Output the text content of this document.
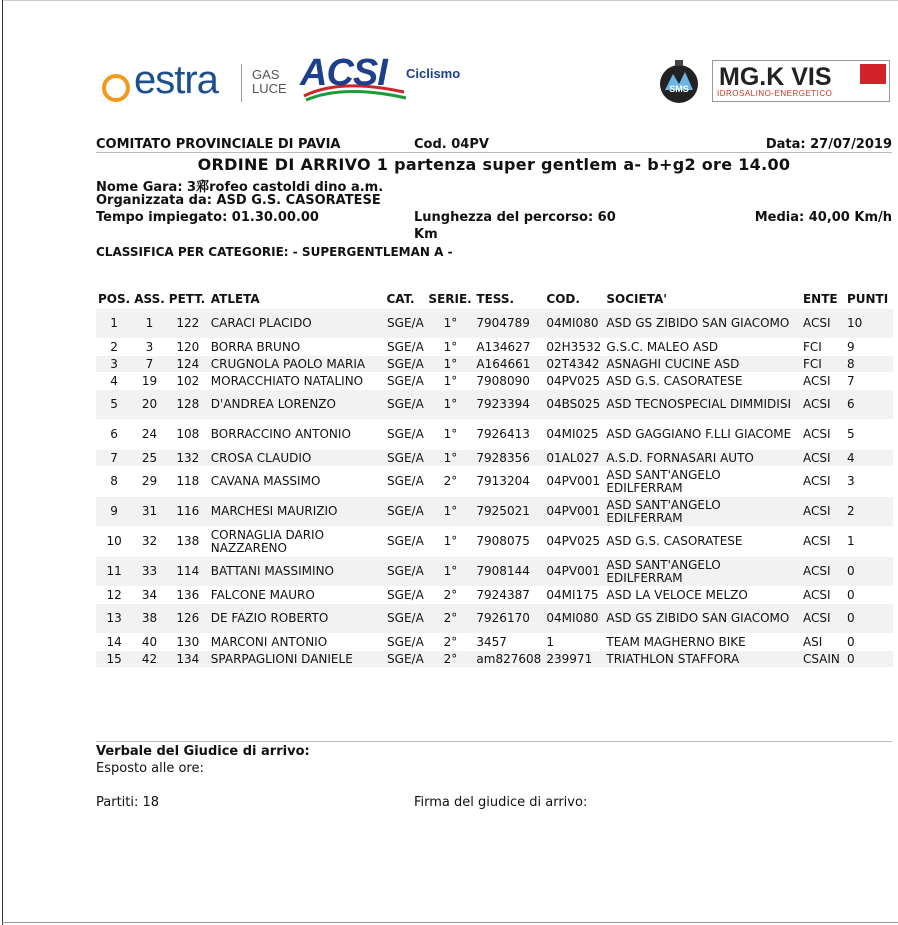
estra	GAS
LUCE ACSI Ciclismo
SMS MG.K VIS
IDROSALINO-ENERGETICO
COMITATO PROVINCIALE DI PAVIA	Cod. 04PV	Data: 27/07/2019
ORDINE DI ARRIVO 1 partenza super gentlem a- b+g2 ore 14.00
Nome Gara: 3䣋rofeo castoldi dino a.m.
Organizzata da: ASD G.S. CASORATESE
Tempo impiegato: 01.30.00.00	Lunghezza del percorso: 60
Km
Media: 40,00 Km/h
CLASSIFICA PER CATEGORIE: - SUPERGENTLEMAN A -
POS.	ASS.	PETT.	ATLETA	CAT.	SERIE.	TESS.	COD.	SOCIETA'	ENTE	PUNTI
1	1	122	CARACI PLACIDO	SGE/A	1°	7904789	04MI080	ASD GS ZIBIDO SAN GIACOMO	ACSI	10
2	3	120	BORRA BRUNO	SGE/A	1°	A134627	02H3532	G.S.C. MALEO ASD	FCI	9
3	7	124	CRUGNOLA PAOLO MARIA	SGE/A	1°	A164661	02T4342	ASNAGHI CUCINE ASD	FCI	8
4	19	102	MORACCHIATO NATALINO	SGE/A	1°	7908090	04PV025	ASD G.S. CASORATESE	ACSI	7
5	20	128	D'ANDREA LORENZO	SGE/A	1°	7923394	04BS025	ASD TECNOSPECIAL DIMMIDISI	ACSI	6
6	24	108	BORRACCINO ANTONIO	SGE/A	1°	7926413	04MI025	ASD GAGGIANO F.LLI GIACOME	ACSI	5
7	25	132	CROSA CLAUDIO	SGE/A	1°	7928356	01AL027	A.S.D. FORNASARI AUTO	ACSI	4
8	29	118	CAVANA MASSIMO	SGE/A	2°	7913204	04PV001	ASD SANT'ANGELO EDILFERRAM	ACSI	3
9	31	116	MARCHESI MAURIZIO	SGE/A	1°	7925021	04PV001	ASD SANT'ANGELO EDILFERRAM	ACSI	2
10	32	138	CORNAGLIA DARIO NAZZARENO	SGE/A	1°	7908075	04PV025	ASD G.S. CASORATESE	ACSI	1
11	33	114	BATTANI MASSIMINO	SGE/A	1°	7908144	04PV001	ASD SANT'ANGELO EDILFERRAM	ACSI	0
12	34	136	FALCONE MAURO	SGE/A	2°	7924387	04MI175	ASD LA VELOCE MELZO	ACSI	0
13	38	126	DE FAZIO ROBERTO	SGE/A	2°	7926170	04MI080	ASD GS ZIBIDO SAN GIACOMO	ACSI	0
14	40	130	MARCONI ANTONIO	SGE/A	2°	3457	1	TEAM MAGHERNO BIKE	ASI	0
15	42	134	SPARPAGLIONI DANIELE	SGE/A	2°	am827608	239971	TRIATHLON STAFFORA	CSAIN	0
Verbale del Giudice di arrivo:
Esposto alle ore:
Partiti: 18	Firma del giudice di arrivo:
